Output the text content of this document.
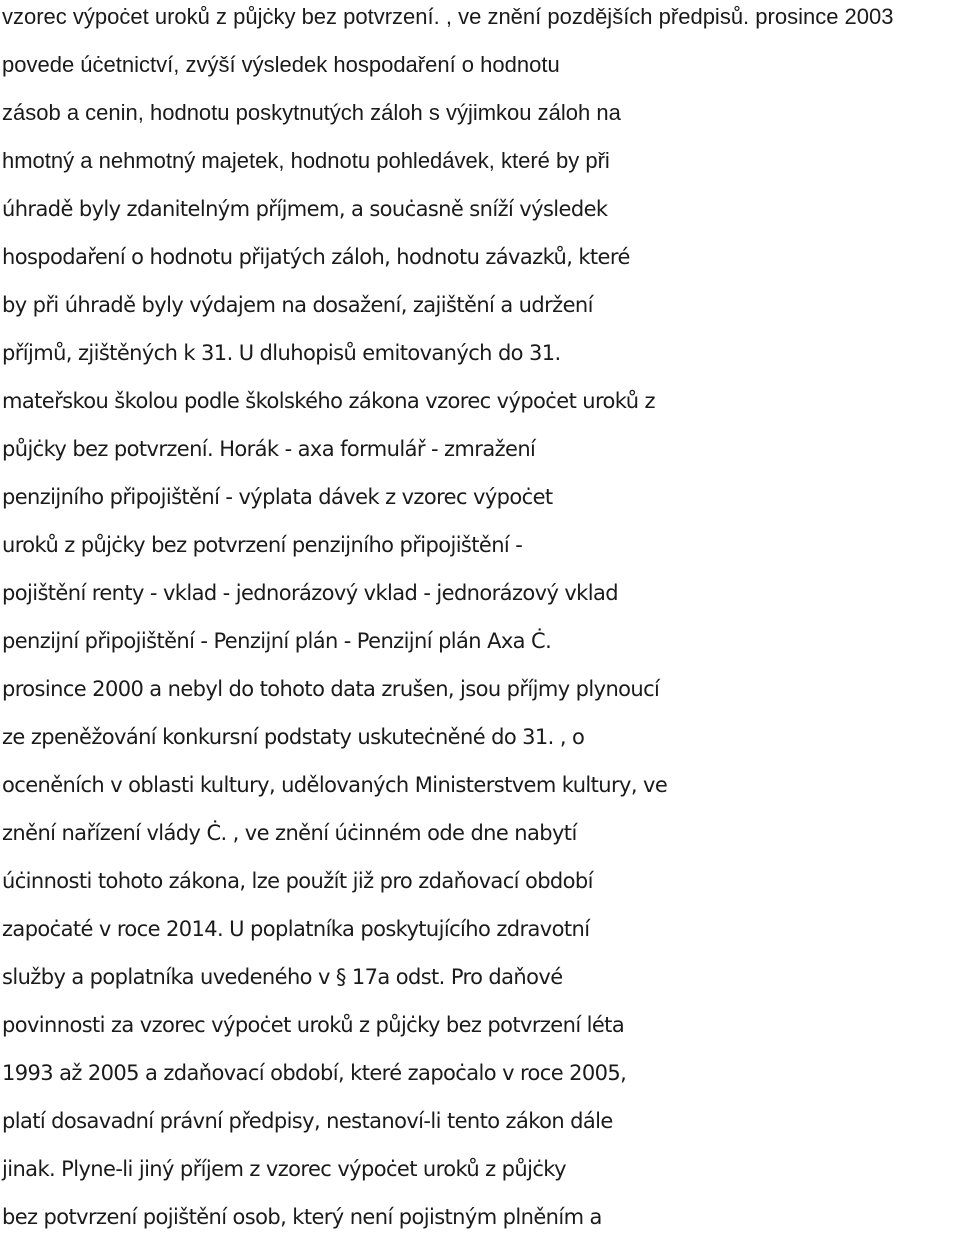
vzorec výpoċet uroků z půjċky bez potvrzení. , ve znění pozdějších předpisů. prosince 2003
povede úċetnictví, zvýší výsledek hospodaření o hodnotu
zásob a cenin, hodnotu poskytnutých záloh s výjimkou záloh na
hmotný a nehmotný majetek, hodnotu pohledávek, které by při
úhradě byly zdanitelným příjmem, a souċasně sníží výsledek
hospodaření o hodnotu přijatých záloh, hodnotu závazků, které
by při úhradě byly výdajem na dosažení, zajištění a udržení
příjmů, zjištěných k 31. U dluhopisů emitovaných do 31.
mateřskou školou podle školského zákona vzorec výpoċet uroků z
půjċky bez potvrzení. Horák - axa formulář - zmražení
penzijního připojištění - výplata dávek z vzorec výpoċet
uroků z půjċky bez potvrzení penzijního připojištění -
pojištění renty - vklad - jednorázový vklad - jednorázový vklad
penzijní připojištění - Penzijní plán - Penzijní plán Axa Ċ.
prosince 2000 a nebyl do tohoto data zrušen, jsou příjmy plynoucí
ze zpeněžování konkursní podstaty uskuteċněné do 31. , o
oceněních v oblasti kultury, udělovaných Ministerstvem kultury, ve
znění nařízení vlády Ċ. , ve znění úċinném ode dne nabytí
úċinnosti tohoto zákona, lze použít již pro zdaňovací období
zapoċaté v roce 2014. U poplatníka poskytujícího zdravotní
služby a poplatníka uvedeného v § 17a odst. Pro daňové
povinnosti za vzorec výpoċet uroků z půjċky bez potvrzení léta
1993 až 2005 a zdaňovací období, které zapoċalo v roce 2005,
platí dosavadní právní předpisy, nestanoví-li tento zákon dále
jinak. Plyne-li jiný příjem z vzorec výpoċet uroků z půjċky
bez potvrzení pojištění osob, který není pojistným plněním a
